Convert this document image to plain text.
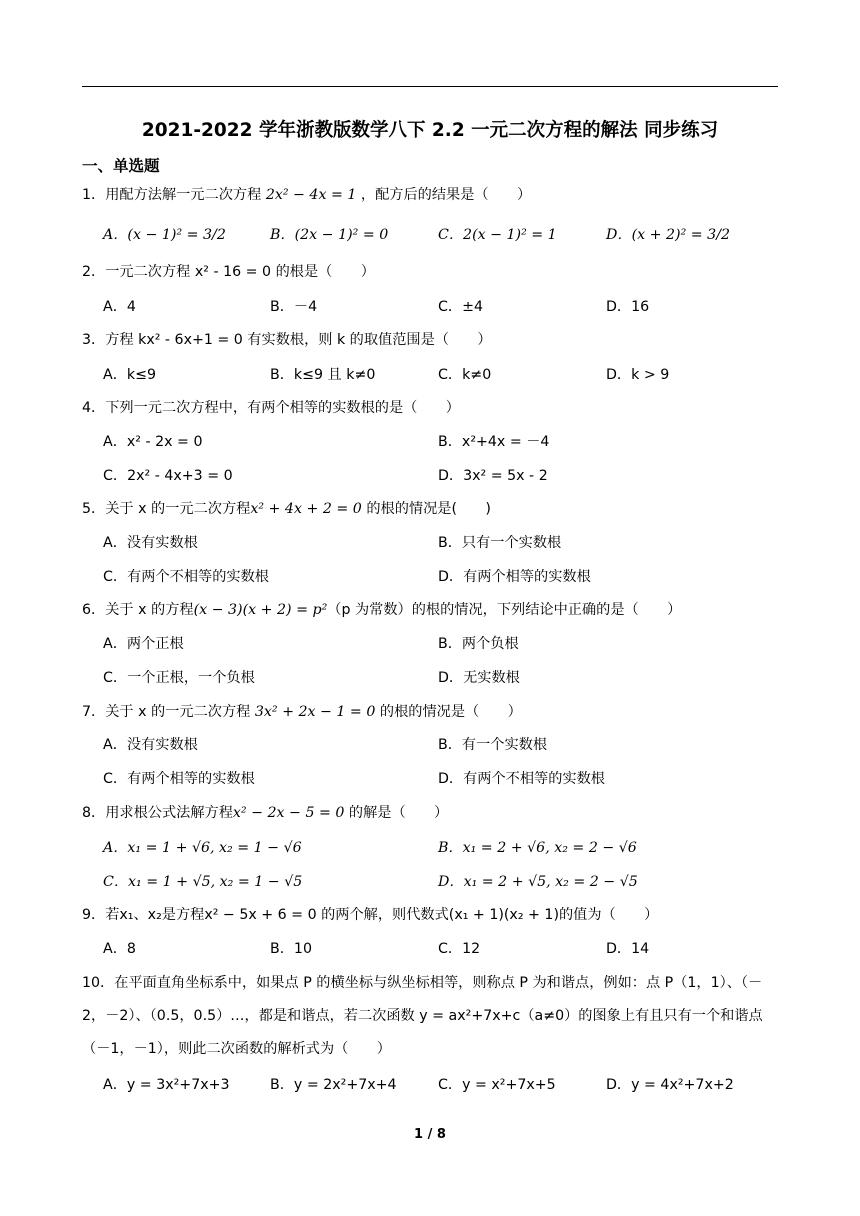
2021-2022 学年浙教版数学八下 2.2 一元二次方程的解法 同步练习
一、单选题
1．用配方法解一元二次方程 2x² − 4x = 1 ，配方后的结果是（　　）
A．(x − 1)² = 3/2	B．(2x − 1)² = 0	C．2(x − 1)² = 1	D．(x + 2)² = 3/2
2．一元二次方程 x² - 16 = 0 的根是（　　）
A．4	B．－4	C．±4	D．16
3．方程 kx² - 6x+1 = 0 有实数根，则 k 的取值范围是（　　）
A．k≤9	B．k≤9 且 k≠0	C．k≠0	D．k > 9
4．下列一元二次方程中，有两个相等的实数根的是（　　）
A．x² - 2x = 0	B．x²+4x = －4
C．2x² - 4x+3 = 0	D．3x² = 5x - 2
5．关于 x 的一元二次方程x² + 4x + 2 = 0 的根的情况是(　　)
A．没有实数根	B．只有一个实数根
C．有两个不相等的实数根	D．有两个相等的实数根
6．关于 x 的方程(x − 3)(x + 2) = p²（p 为常数）的根的情况，下列结论中正确的是（　　）
A．两个正根	B．两个负根
C．一个正根，一个负根	D．无实数根
7．关于 x 的一元二次方程 3x² + 2x − 1 = 0 的根的情况是（　　）
A．没有实数根	B．有一个实数根
C．有两个相等的实数根	D．有两个不相等的实数根
8．用求根公式法解方程x² − 2x − 5 = 0 的解是（　　）
A．x₁ = 1 + √6, x₂ = 1 − √6	B．x₁ = 2 + √6, x₂ = 2 − √6
C．x₁ = 1 + √5, x₂ = 1 − √5	D．x₁ = 2 + √5, x₂ = 2 − √5
9．若x₁、x₂是方程x² − 5x + 6 = 0 的两个解，则代数式(x₁ + 1)(x₂ + 1)的值为（　　）
A．8	B．10	C．12	D．14
10．在平面直角坐标系中，如果点 P 的横坐标与纵坐标相等，则称点 P 为和谐点，例如：点 P（1，1）、（－2，－2）、（0.5，0.5）…，都是和谐点，若二次函数 y = ax²+7x+c（a≠0）的图象上有且只有一个和谐点（－1，－1），则此二次函数的解析式为（　　）
A．y = 3x²+7x+3	B．y = 2x²+7x+4	C．y = x²+7x+5	D．y = 4x²+7x+2
1 / 8
